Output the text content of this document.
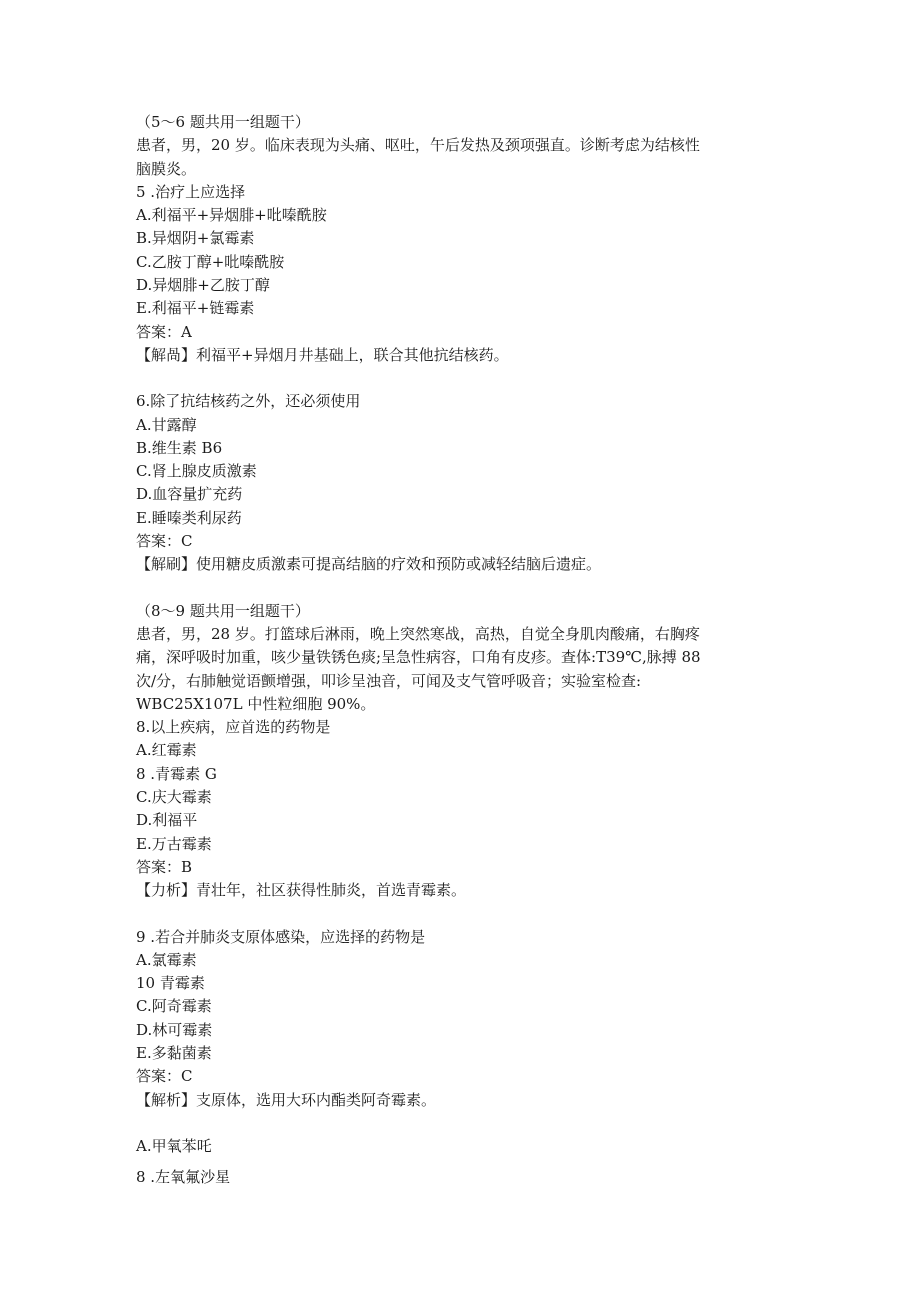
（5～6 题共用一组题干）
患者，男，20 岁。临床表现为头痛、呕吐，午后发热及颈项强直。诊断考虑为结核性
脑膜炎。
5 .治疗上应选择
A.利福平+异烟腓+吡嗪酰胺
B.异烟阴+氯霉素
C.乙胺丁醇+吡嗪酰胺
D.异烟腓+乙胺丁醇
E.利福平+链霉素
答案：A
【解咼】利福平+异烟月井基础上，联合其他抗结核药。
6.除了抗结核药之外，还必须使用
A.甘露醇
B.维生素 B6
C.肾上腺皮质激素
D.血容量扩充药
E.睡嗪类利尿药
答案：C
【解刷】使用糖皮质激素可提高结脑的疗效和预防或减轻结脑后遗症。
（8～9 题共用一组题干）
患者，男，28 岁。打篮球后淋雨，晚上突然寒战，高热，自觉全身肌肉酸痛，右胸疼
痛，深呼吸时加重，咳少量铁锈色痰;呈急性病容，口角有皮疹。查体:T39℃,脉搏 88
次/分，右肺触觉语颤增强，叩诊呈浊音，可闻及支气管呼吸音；实验室检查:
WBC25X107L 中性粒细胞 90%。
8.以上疾病，应首选的药物是
A.红霉素
8 .青霉素 G
C.庆大霉素
D.利福平
E.万古霉素
答案：B
【力析】青壮年，社区获得性肺炎，首选青霉素。
9 .若合并肺炎支原体感染，应选择的药物是
A.氯霉素
10 青霉素
C.阿奇霉素
D.林可霉素
E.多黏菌素
答案：C
【解析】支原体，选用大环内酯类阿奇霉素。
A.甲氧苯吒
8 .左氧氟沙星
